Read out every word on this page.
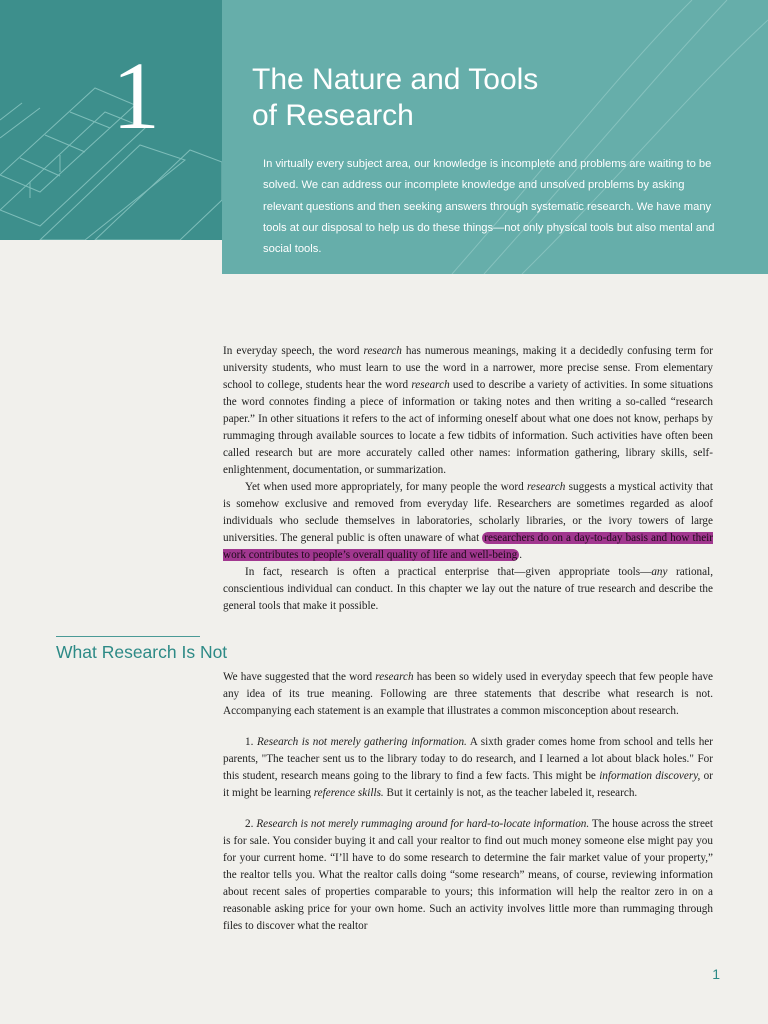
1	The Nature and Tools
of Research

In virtually every subject area, our knowledge is incomplete and problems are waiting to be solved. We can address our incomplete knowledge and unsolved problems by asking relevant questions and then seeking answers through systematic research. We have many tools at our disposal to help us do these things—not only physical tools but also mental and social tools.

In everyday speech, the word research has numerous meanings, making it a decidedly confusing term for university students, who must learn to use the word in a narrower, more precise sense. From elementary school to college, students hear the word research used to describe a variety of activities. In some situations the word connotes finding a piece of information or taking notes and then writing a so-called “research paper.” In other situations it refers to the act of informing oneself about what one does not know, perhaps by rummaging through available sources to locate a few tidbits of information. Such activities have often been called research but are more accurately called other names: information gathering, library skills, self-enlightenment, documentation, or summarization.

Yet when used more appropriately, for many people the word research suggests a mystical activity that is somehow exclusive and removed from everyday life. Researchers are sometimes regarded as aloof individuals who seclude themselves in laboratories, scholarly libraries, or the ivory towers of large universities. The general public is often unaware of what researchers do on a day-to-day basis and how their work contributes to people’s overall quality of life and well-being .

In fact, research is often a practical enterprise that—given appropriate tools—any rational, conscientious individual can conduct. In this chapter we lay out the nature of true research and describe the general tools that make it possible.

What Research Is Not

We have suggested that the word research has been so widely used in everyday speech that few people have any idea of its true meaning. Following are three statements that describe what research is not. Accompanying each statement is an example that illustrates a common misconception about research.

1. Research is not merely gathering information. A sixth grader comes home from school and tells her parents, "The teacher sent us to the library today to do research, and I learned a lot about black holes." For this student, research means going to the library to find a few facts. This might be information discovery, or it might be learning reference skills. But it certainly is not, as the teacher labeled it, research.

2. Research is not merely rummaging around for hard-to-locate information. The house across the street is for sale. You consider buying it and call your realtor to find out much money someone else might pay you for your current home. “I’ll have to do some research to determine the fair market value of your property,” the realtor tells you. What the realtor calls doing “some research” means, of course, reviewing information about recent sales of properties comparable to yours; this information will help the realtor zero in on a reasonable asking price for your own home. Such an activity involves little more than rummaging through files to discover what the realtor

1
